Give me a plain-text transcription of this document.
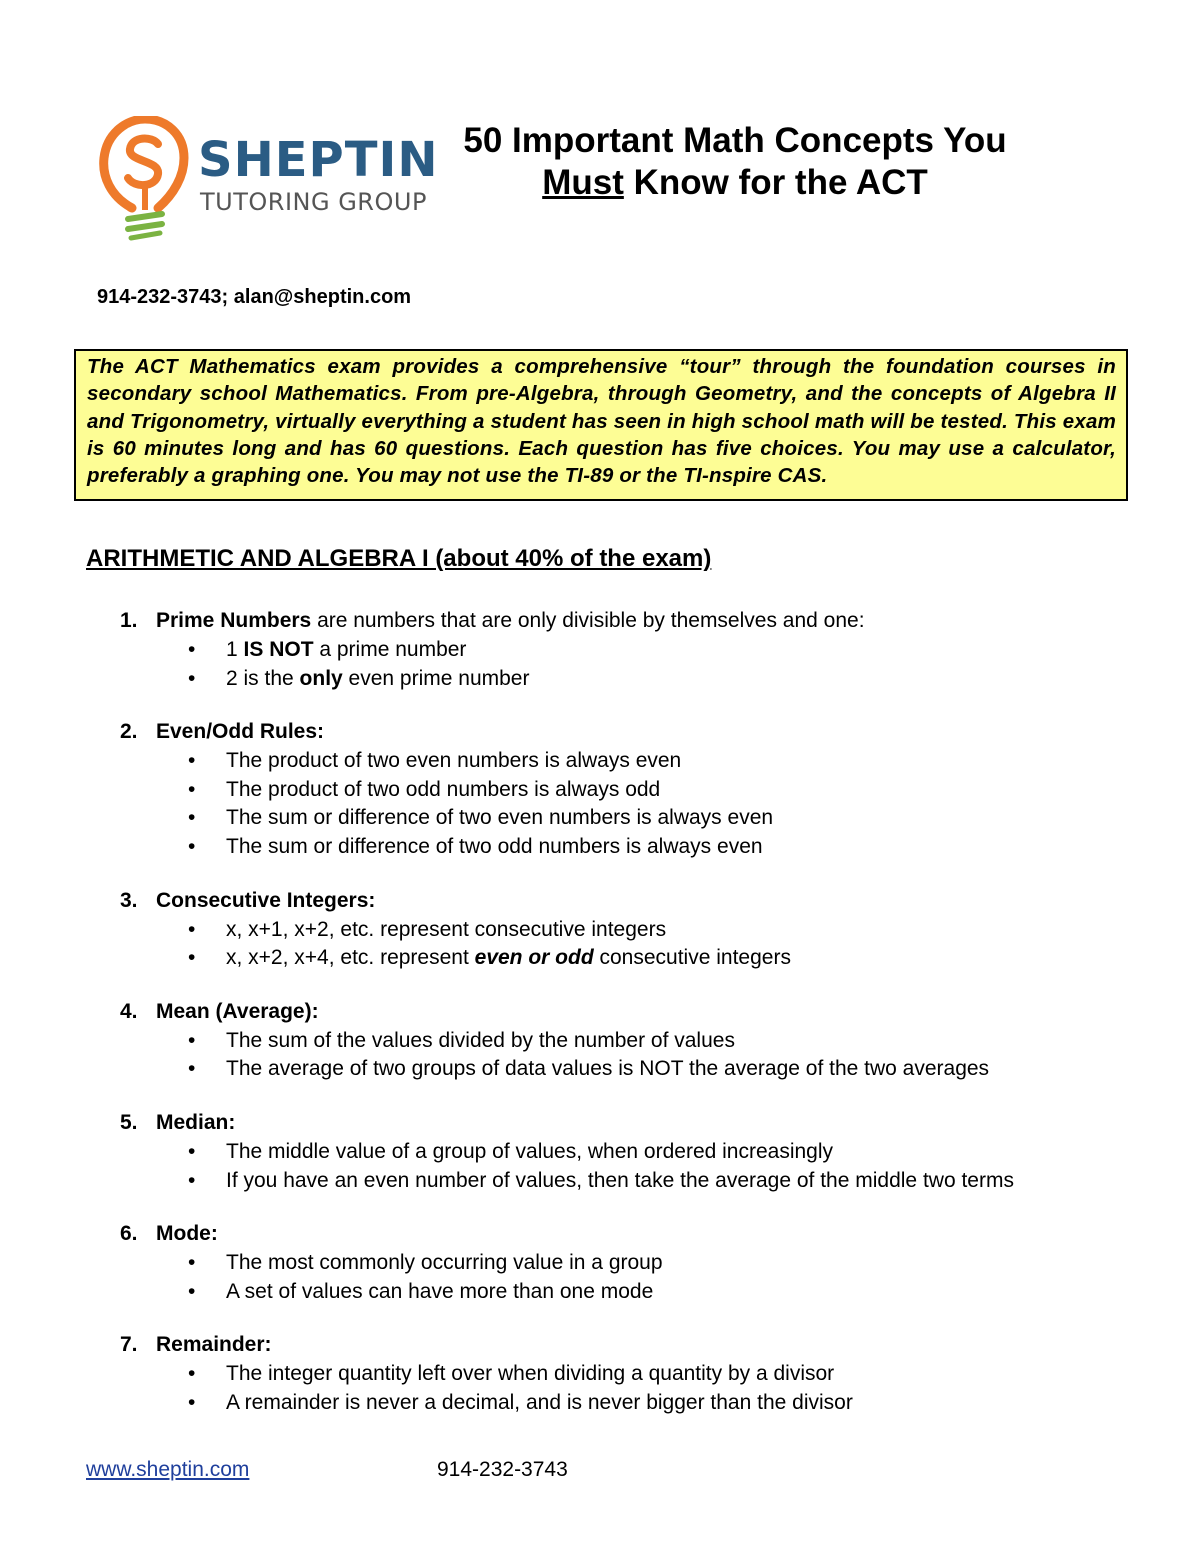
SHEPTIN
TUTORING GROUP
50 Important Math Concepts You
Must Know for the ACT
914-232-3743; alan@sheptin.com
The ACT Mathematics exam provides a comprehensive “tour” through the foundation courses in secondary school Mathematics. From pre-Algebra, through Geometry, and the concepts of Algebra II and Trigonometry, virtually everything a student has seen in high school math will be tested. This exam is 60 minutes long and has 60 questions. Each question has five choices. You may use a calculator, preferably a graphing one. You may not use the TI-89 or the TI-nspire CAS.
ARITHMETIC AND ALGEBRA I (about 40% of the exam)
1. Prime Numbers are numbers that are only divisible by themselves and one:
• 1 IS NOT a prime number
• 2 is the only even prime number
2. Even/Odd Rules:
• The product of two even numbers is always even
• The product of two odd numbers is always odd
• The sum or difference of two even numbers is always even
• The sum or difference of two odd numbers is always even
3. Consecutive Integers:
• x, x+1, x+2, etc. represent consecutive integers
• x, x+2, x+4, etc. represent even or odd consecutive integers
4. Mean (Average):
• The sum of the values divided by the number of values
• The average of two groups of data values is NOT the average of the two averages
5. Median:
• The middle value of a group of values, when ordered increasingly
• If you have an even number of values, then take the average of the middle two terms
6. Mode:
• The most commonly occurring value in a group
• A set of values can have more than one mode
7. Remainder:
• The integer quantity left over when dividing a quantity by a divisor
• A remainder is never a decimal, and is never bigger than the divisor
www.sheptin.com	914-232-3743
